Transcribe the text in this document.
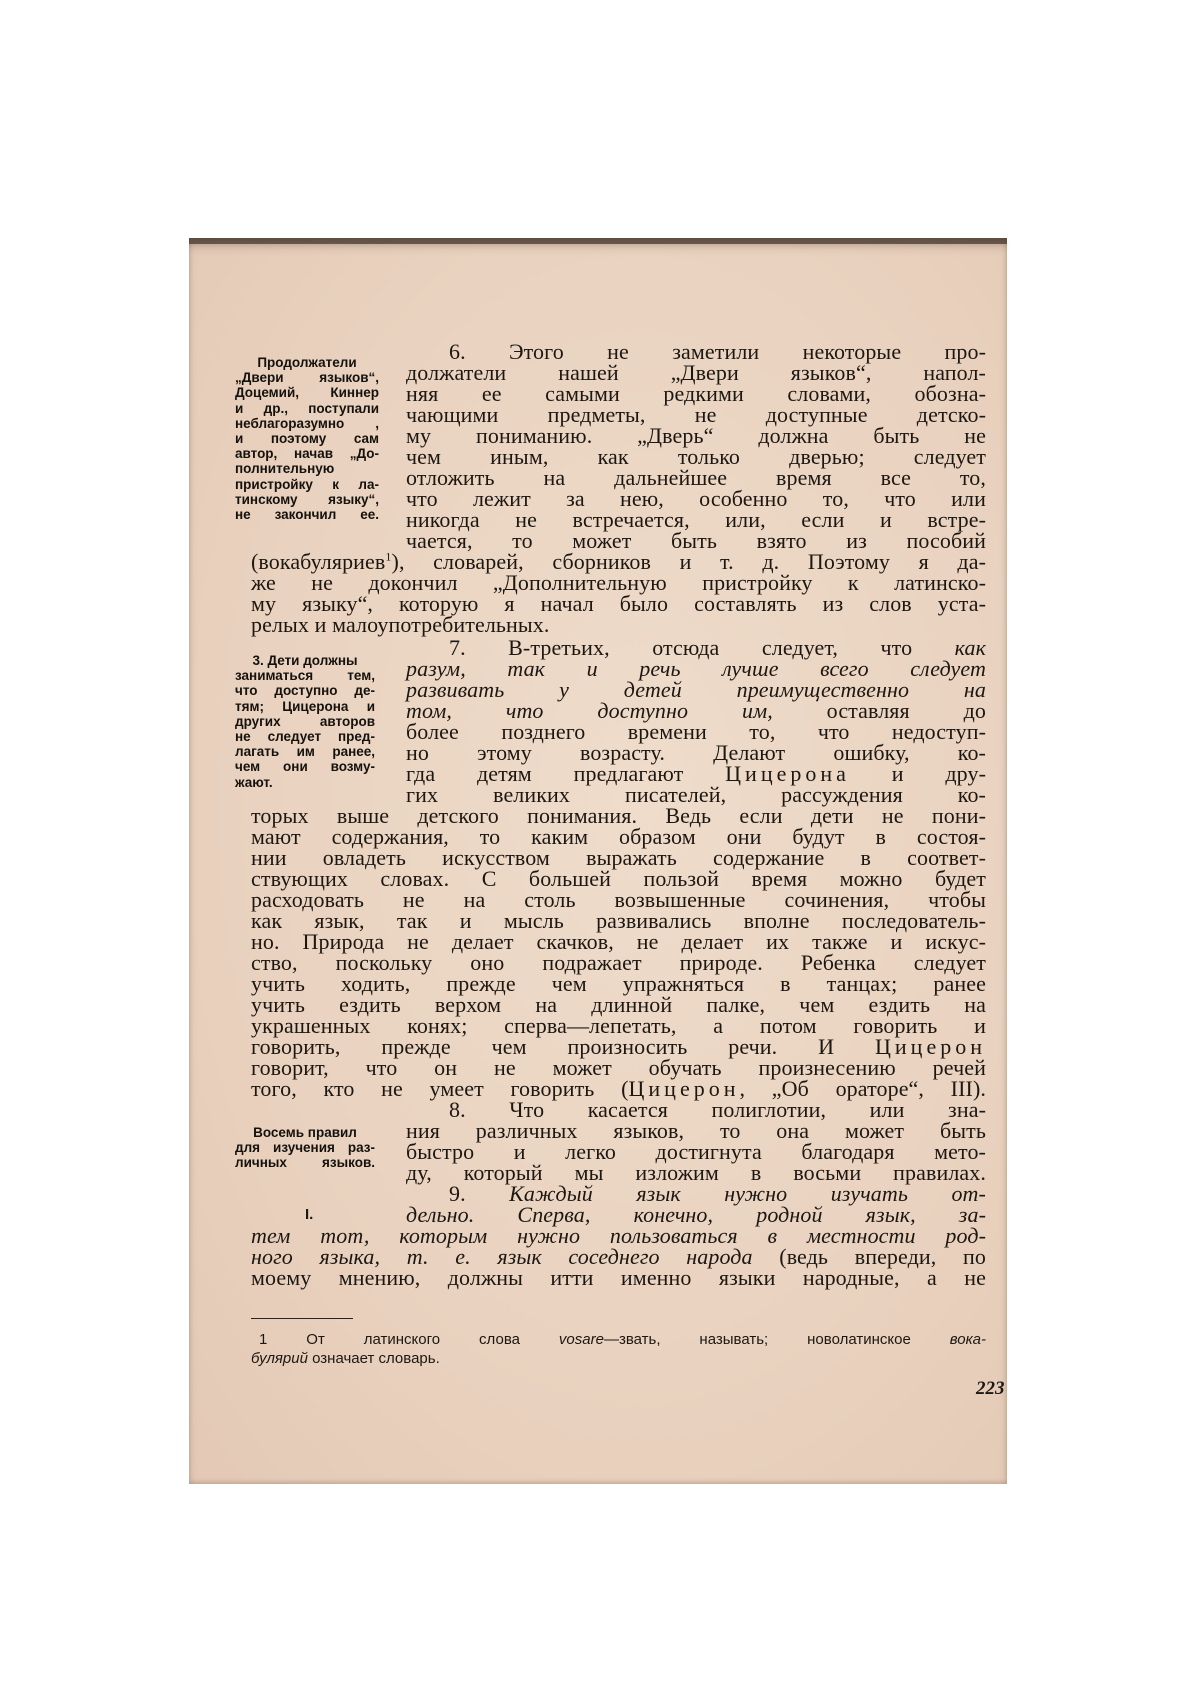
Продолжатели
„Двери языков“,
Доцемий, Киннер
и др., поступали
неблагоразумно ,
и поэтому сам
автор, начав „До-
полнительную
пристройку к ла-
тинскому языку“,
не закончил ее.
3. Дети должны
заниматься тем,
что доступно де-
тям; Цицерона и
других авторов
не следует пред-
лагать им ранее,
чем они возму-
жают.
Восемь правил
для изучения раз-
личных языков.
I.
6. Этого не заметили некоторые про-
должатели нашей „Двери языков“, напол-
няя ее самыми редкими словами, обозна-
чающими предметы, не доступные детско-
му пониманию. „Дверь“ должна быть не
чем иным, как только дверью; следует
отложить на дальнейшее время все то,
что лежит за нею, особенно то, что или
никогда не встречается, или, если и встре-
чается, то может быть взято из пособий
(вокабуляриев$^1$), словарей, сборников и т. д. Поэтому я да-
же не докончил „Дополнительную пристройку к латинско-
му языку“, которую я начал было составлять из слов уста-
релых и малоупотребительных.
7. В-третьих, отсюда следует, что как
разум, так и речь лучше всего следует
развивать у детей преимущественно на
том, что доступно им, оставляя до
более позднего времени то, что недоступ-
но этому возрасту. Делают ошибку, ко-
гда детям предлагают Цицерона и дру-
гих великих писателей, рассуждения ко-
торых выше детского понимания. Ведь если дети не пони-
мают содержания, то каким образом они будут в состоя-
нии овладеть искусством выражать содержание в соответ-
ствующих словах. С большей пользой время можно будет
расходовать не на столь возвышенные сочинения, чтобы
как язык, так и мысль развивались вполне последователь-
но. Природа не делает скачков, не делает их также и искус-
ство, поскольку оно подражает природе. Ребенка следует
учить ходить, прежде чем упражняться в танцах; ранее
учить ездить верхом на длинной палке, чем ездить на
украшенных конях; сперва—лепетать, а потом говорить и
говорить, прежде чем произносить речи. И Цицерон
говорит, что он не может обучать произнесению речей
того, кто не умеет говорить (Цицерон, „Об ораторе“, III).
8. Что касается полиглотии, или зна-
ния различных языков, то она может быть
быстро и легко достигнута благодаря мето-
ду, который мы изложим в восьми правилах.
9. Каждый язык нужно изучать от-
дельно. Сперва, конечно, родной язык, за-
тем тот, которым нужно пользоваться в местности род-
ного языка, т. е. язык соседнего народа (ведь впереди, по
моему мнению, должны итти именно языки народные, а не
1 От латинского слова vosare—звать, называть; новолатинское вока-
булярий означает словарь.
223
